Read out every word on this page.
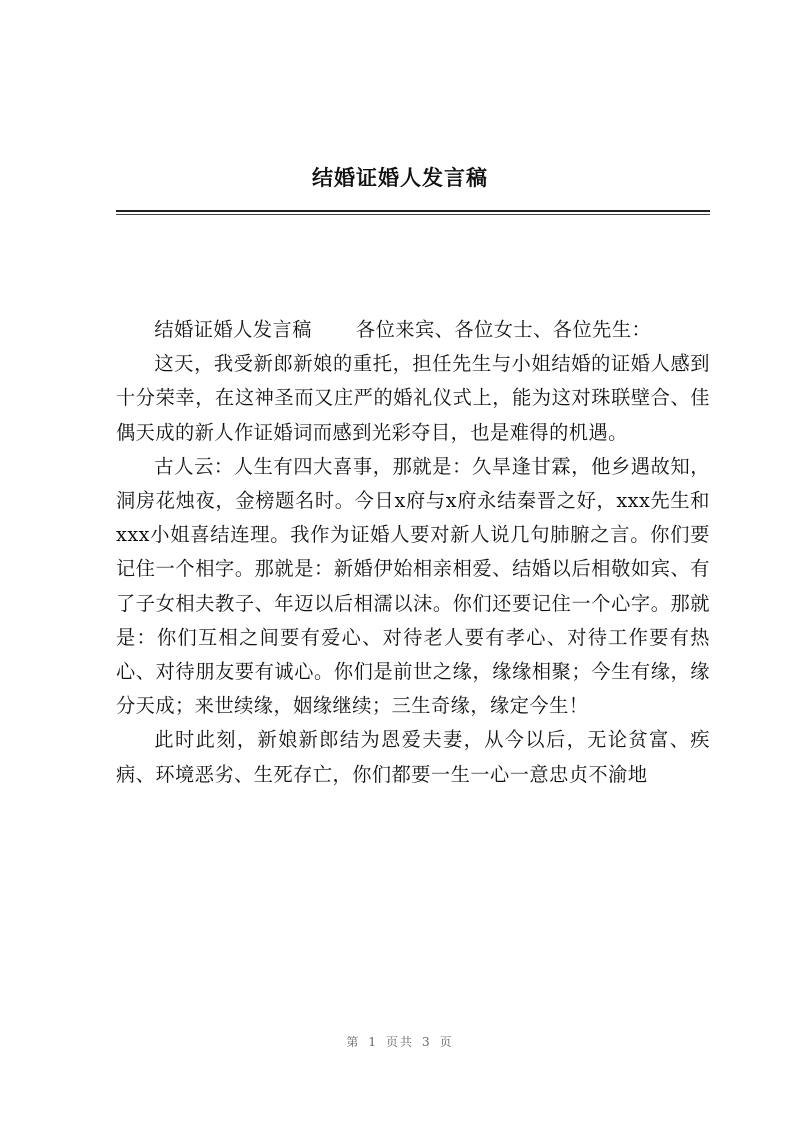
结婚证婚人发言稿

结婚证婚人发言稿 各位来宾、各位女士、各位先生：

这天，我受新郎新娘的重托，担任先生与小姐结婚的证婚人感到十分荣幸，在这神圣而又庄严的婚礼仪式上，能为这对珠联壁合、佳偶天成的新人作证婚词而感到光彩夺目，也是难得的机遇。

古人云：人生有四大喜事，那就是：久旱逢甘霖，他乡遇故知，洞房花烛夜，金榜题名时。今日x府与x府永结秦晋之好，xxx先生和xxx小姐喜结连理。我作为证婚人要对新人说几句肺腑之言。你们要记住一个相字。那就是：新婚伊始相亲相爱、结婚以后相敬如宾、有了子女相夫教子、年迈以后相濡以沫。你们还要记住一个心字。那就是：你们互相之间要有爱心、对待老人要有孝心、对待工作要有热心、对待朋友要有诚心。你们是前世之缘，缘缘相聚；今生有缘，缘分天成；来世续缘，姻缘继续；三生奇缘，缘定今生！

此时此刻，新娘新郎结为恩爱夫妻，从今以后，无论贫富、疾病、环境恶劣、生死存亡，你们都要一生一心一意忠贞不渝地

第 1 页共 3 页
